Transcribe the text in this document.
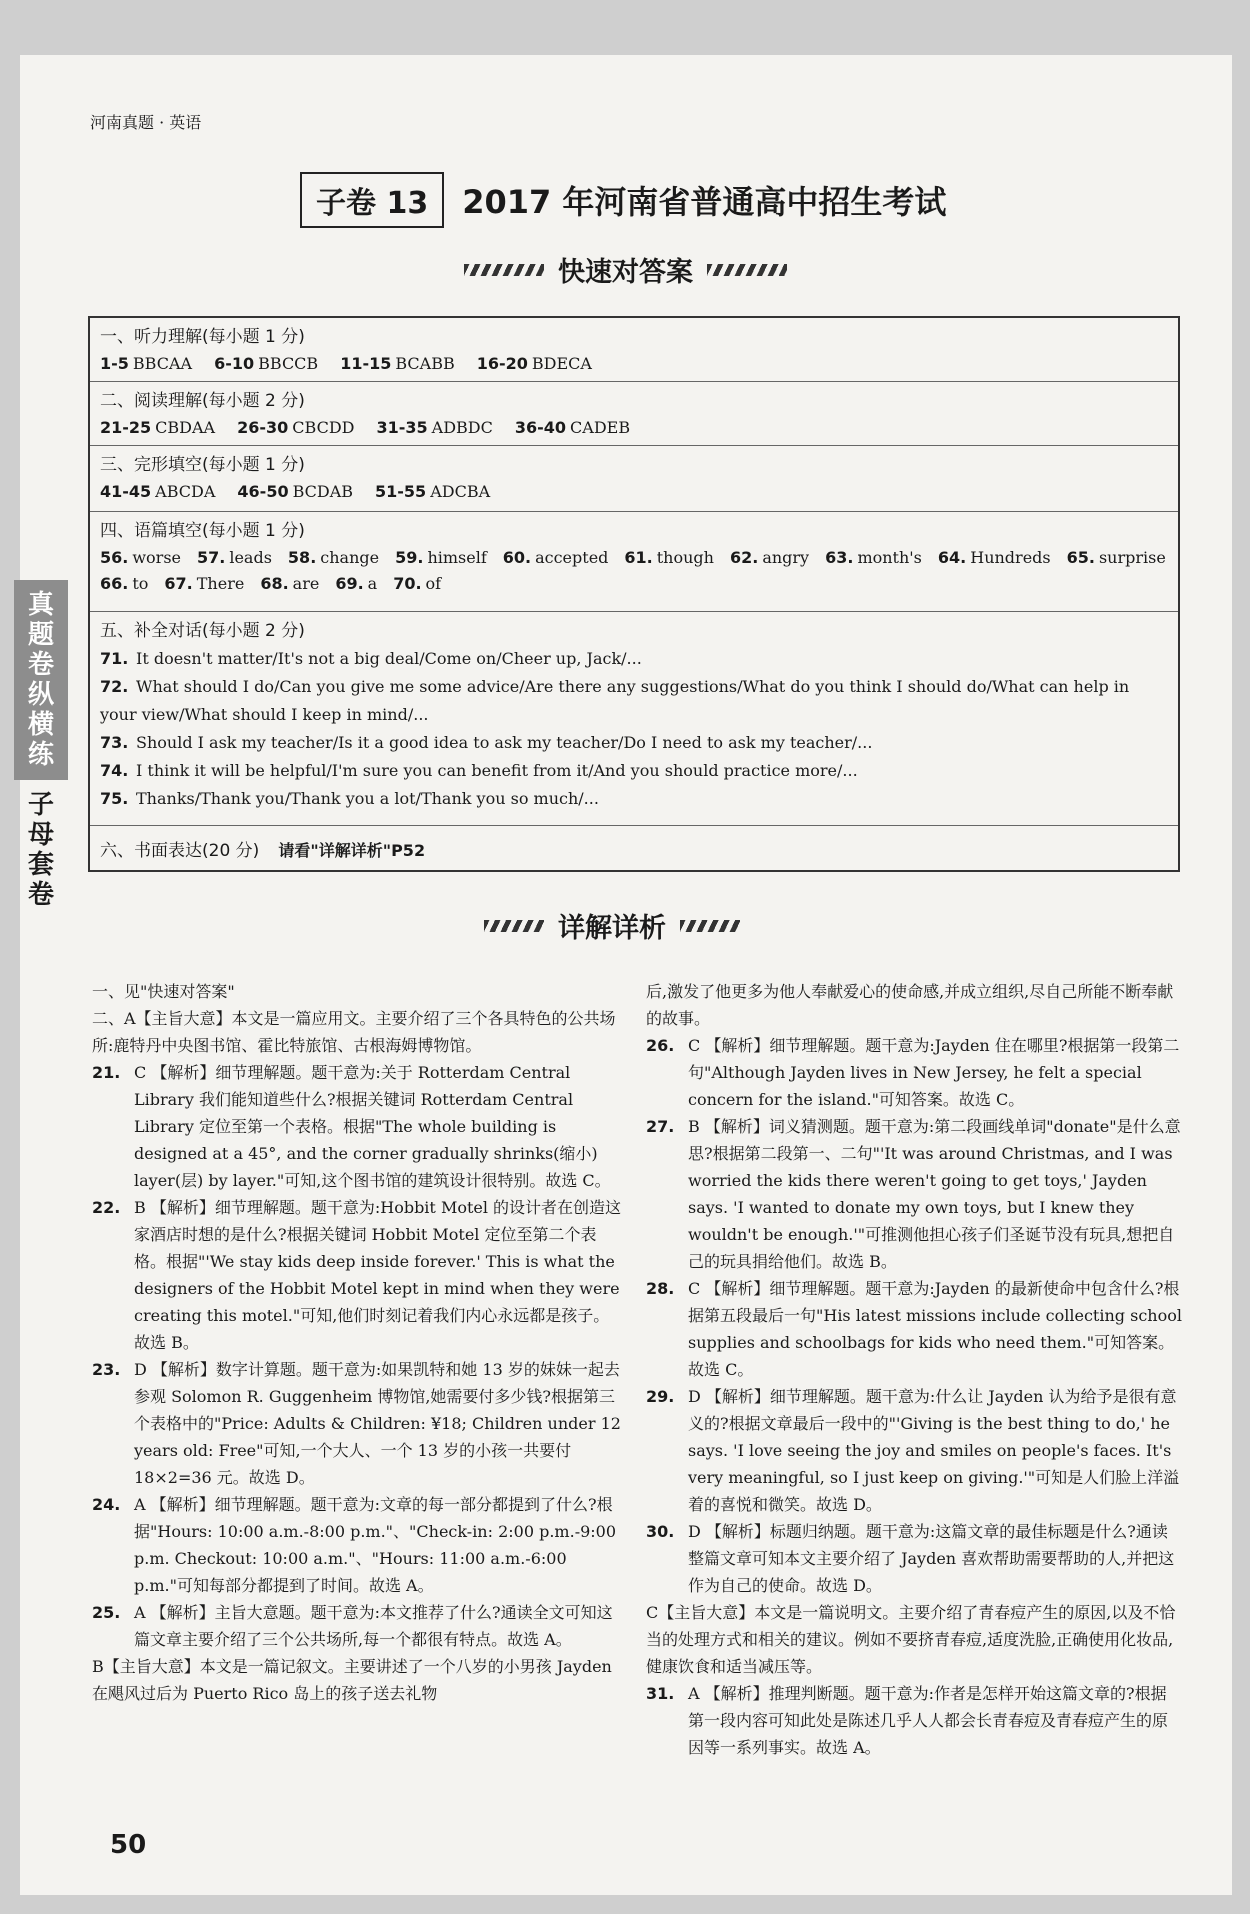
河南真题 · 英语
子卷 13	2017 年河南省普通高中招生考试
快速对答案
一、听力理解(每小题 1 分)
1-5 BBCAA 6-10 BBCCB 11-15 BCABB 16-20 BDECA
二、阅读理解(每小题 2 分)
21-25 CBDAA 26-30 CBCDD 31-35 ADBDC 36-40 CADEB
三、完形填空(每小题 1 分)
41-45 ABCDA 46-50 BCDAB 51-55 ADCBA
四、语篇填空(每小题 1 分)
56. worse 57. leads 58. change 59. himself 60. accepted 61. though 62. angry 63. month's 64. Hundreds 65. surprise
66. to 67. There 68. are 69. a 70. of
五、补全对话(每小题 2 分)
71. It doesn't matter/It's not a big deal/Come on/Cheer up, Jack/...
72. What should I do/Can you give me some advice/Are there any suggestions/What do you think I should do/What can help in your view/What should I keep in mind/...
73. Should I ask my teacher/Is it a good idea to ask my teacher/Do I need to ask my teacher/...
74. I think it will be helpful/I'm sure you can benefit from it/And you should practice more/...
75. Thanks/Thank you/Thank you a lot/Thank you so much/...
六、书面表达(20 分) 请看"详解详析"P52
真
题
卷
纵
横
练
子
母
套
卷
详解详析

一、见"快速对答案"

二、A【主旨大意】本文是一篇应用文。主要介绍了三个各具特色的公共场所:鹿特丹中央图书馆、霍比特旅馆、古根海姆博物馆。

21. C 【解析】细节理解题。题干意为:关于 Rotterdam Central Library 我们能知道些什么?根据关键词 Rotterdam Central Library 定位至第一个表格。根据"The whole building is designed at a 45°, and the corner gradually shrinks(缩小) layer(层) by layer."可知,这个图书馆的建筑设计很特别。故选 C。
22. B 【解析】细节理解题。题干意为:Hobbit Motel 的设计者在创造这家酒店时想的是什么?根据关键词 Hobbit Motel 定位至第二个表格。根据"'We stay kids deep inside forever.' This is what the designers of the Hobbit Motel kept in mind when they were creating this motel."可知,他们时刻记着我们内心永远都是孩子。故选 B。
23. D 【解析】数字计算题。题干意为:如果凯特和她 13 岁的妹妹一起去参观 Solomon R. Guggenheim 博物馆,她需要付多少钱?根据第三个表格中的"Price: Adults & Children: ¥18; Children under 12 years old: Free"可知,一个大人、一个 13 岁的小孩一共要付 18×2=36 元。故选 D。
24. A 【解析】细节理解题。题干意为:文章的每一部分都提到了什么?根据"Hours: 10:00 a.m.-8:00 p.m."、"Check-in: 2:00 p.m.-9:00 p.m. Checkout: 10:00 a.m."、"Hours: 11:00 a.m.-6:00 p.m."可知每部分都提到了时间。故选 A。
25. A 【解析】主旨大意题。题干意为:本文推荐了什么?通读全文可知这篇文章主要介绍了三个公共场所,每一个都很有特点。故选 A。

B【主旨大意】本文是一篇记叙文。主要讲述了一个八岁的小男孩 Jayden 在飓风过后为 Puerto Rico 岛上的孩子送去礼物

后,激发了他更多为他人奉献爱心的使命感,并成立组织,尽自己所能不断奉献的故事。

26. C 【解析】细节理解题。题干意为:Jayden 住在哪里?根据第一段第二句"Although Jayden lives in New Jersey, he felt a special concern for the island."可知答案。故选 C。
27. B 【解析】词义猜测题。题干意为:第二段画线单词"donate"是什么意思?根据第二段第一、二句"'It was around Christmas, and I was worried the kids there weren't going to get toys,' Jayden says. 'I wanted to donate my own toys, but I knew they wouldn't be enough.'"可推测他担心孩子们圣诞节没有玩具,想把自己的玩具捐给他们。故选 B。
28. C 【解析】细节理解题。题干意为:Jayden 的最新使命中包含什么?根据第五段最后一句"His latest missions include collecting school supplies and schoolbags for kids who need them."可知答案。故选 C。
29. D 【解析】细节理解题。题干意为:什么让 Jayden 认为给予是很有意义的?根据文章最后一段中的"'Giving is the best thing to do,' he says. 'I love seeing the joy and smiles on people's faces. It's very meaningful, so I just keep on giving.'"可知是人们脸上洋溢着的喜悦和微笑。故选 D。
30. D 【解析】标题归纳题。题干意为:这篇文章的最佳标题是什么?通读整篇文章可知本文主要介绍了 Jayden 喜欢帮助需要帮助的人,并把这作为自己的使命。故选 D。

C【主旨大意】本文是一篇说明文。主要介绍了青春痘产生的原因,以及不恰当的处理方式和相关的建议。例如不要挤青春痘,适度洗脸,正确使用化妆品,健康饮食和适当减压等。

31. A 【解析】推理判断题。题干意为:作者是怎样开始这篇文章的?根据第一段内容可知此处是陈述几乎人人都会长青春痘及青春痘产生的原因等一系列事实。故选 A。
50
